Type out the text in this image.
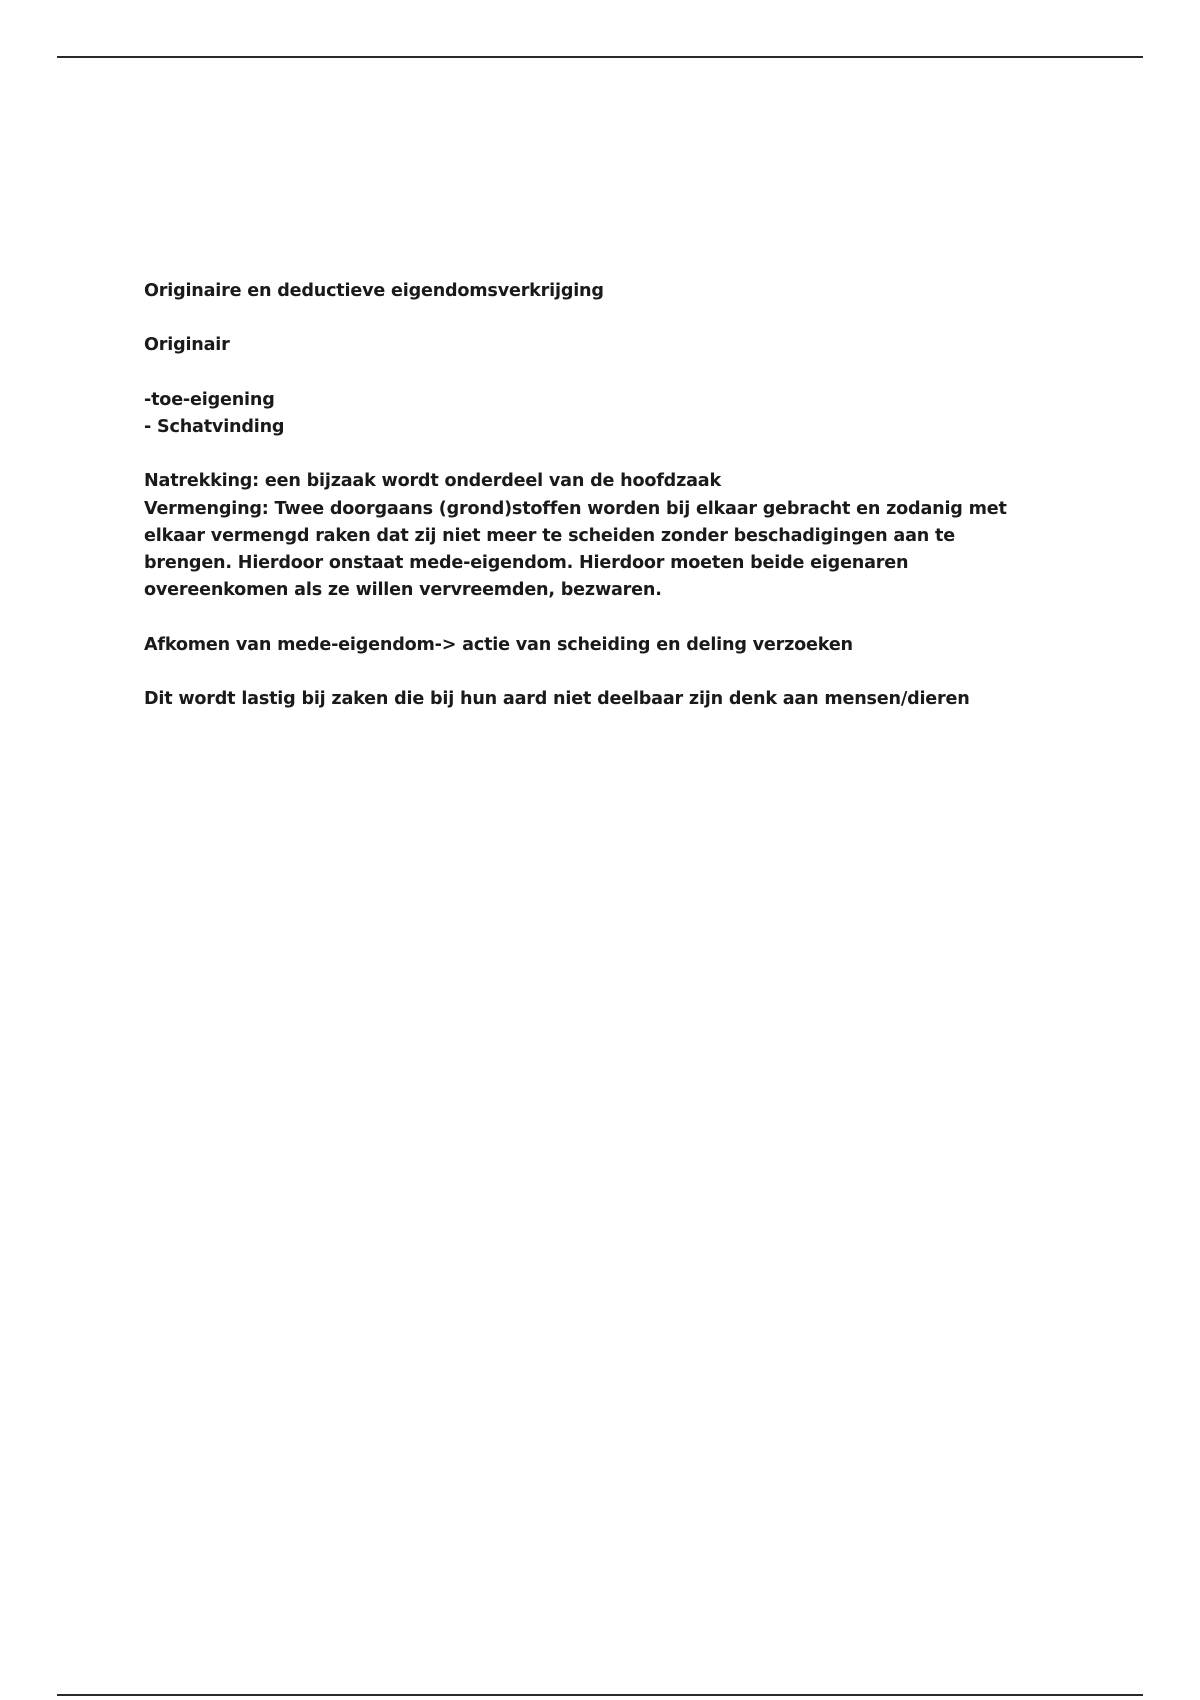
Originaire en deductieve eigendomsverkrijging

Originair

-toe-eigening

- Schatvinding

Natrekking: een bijzaak wordt onderdeel van de hoofdzaak

Vermenging: Twee doorgaans (grond)stoffen worden bij elkaar gebracht en zodanig met elkaar vermengd raken dat zij niet meer te scheiden zonder beschadigingen aan te brengen. Hierdoor onstaat mede-eigendom. Hierdoor moeten beide eigenaren overeenkomen als ze willen vervreemden, bezwaren.

Afkomen van mede-eigendom-> actie van scheiding en deling verzoeken

Dit wordt lastig bij zaken die bij hun aard niet deelbaar zijn denk aan mensen/dieren
